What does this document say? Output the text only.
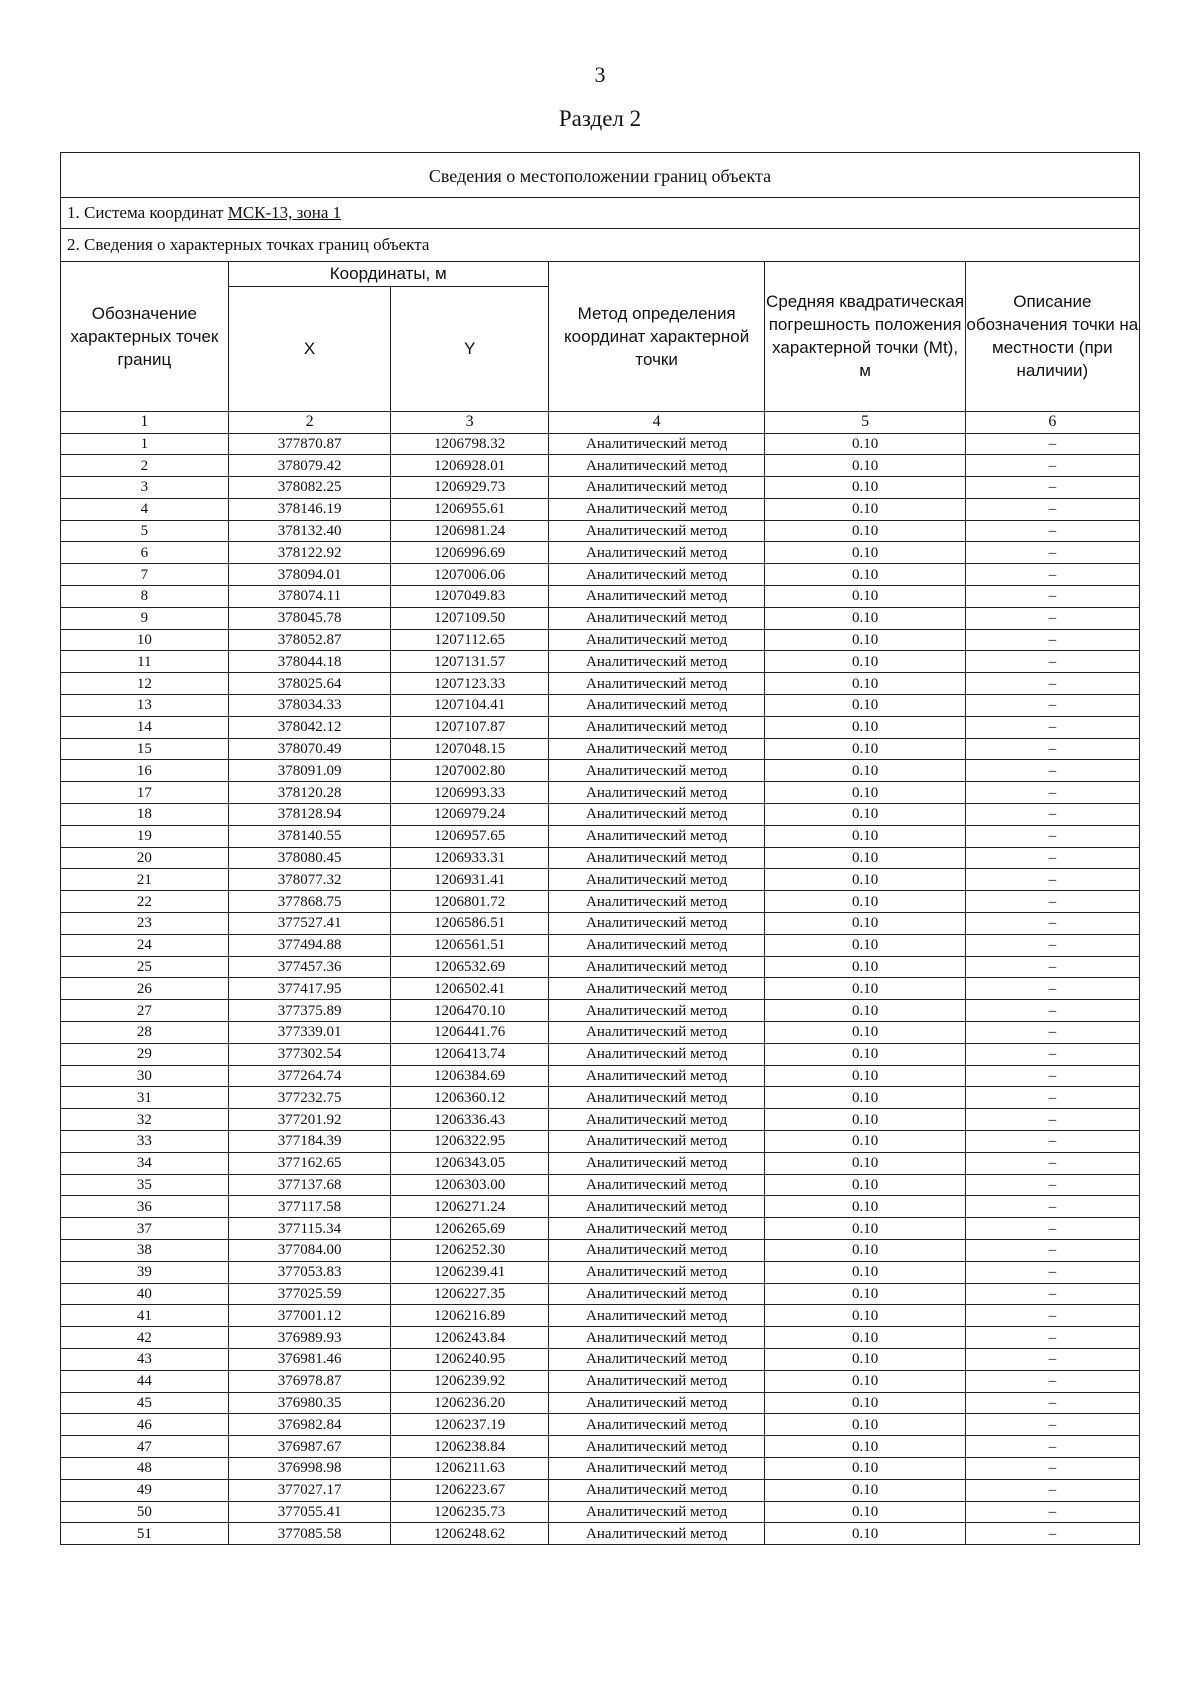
3
Раздел 2
Сведения о местоположении границ объекта
1. Система координат МСК-13, зона 1
2. Сведения о характерных точках границ объекта
Обозначение характерных точек границ	Координаты, м		Метод определения координат характерной точки	Средняя квадратическая погрешность положения характерной точки (Mt), м	Описание обозначения точки на местности (при наличии)
	X	Y			
1	2	3	4	5	6
1	377870.87	1206798.32	Аналитический метод	0.10	–
2	378079.42	1206928.01	Аналитический метод	0.10	–
3	378082.25	1206929.73	Аналитический метод	0.10	–
4	378146.19	1206955.61	Аналитический метод	0.10	–
5	378132.40	1206981.24	Аналитический метод	0.10	–
6	378122.92	1206996.69	Аналитический метод	0.10	–
7	378094.01	1207006.06	Аналитический метод	0.10	–
8	378074.11	1207049.83	Аналитический метод	0.10	–
9	378045.78	1207109.50	Аналитический метод	0.10	–
10	378052.87	1207112.65	Аналитический метод	0.10	–
11	378044.18	1207131.57	Аналитический метод	0.10	–
12	378025.64	1207123.33	Аналитический метод	0.10	–
13	378034.33	1207104.41	Аналитический метод	0.10	–
14	378042.12	1207107.87	Аналитический метод	0.10	–
15	378070.49	1207048.15	Аналитический метод	0.10	–
16	378091.09	1207002.80	Аналитический метод	0.10	–
17	378120.28	1206993.33	Аналитический метод	0.10	–
18	378128.94	1206979.24	Аналитический метод	0.10	–
19	378140.55	1206957.65	Аналитический метод	0.10	–
20	378080.45	1206933.31	Аналитический метод	0.10	–
21	378077.32	1206931.41	Аналитический метод	0.10	–
22	377868.75	1206801.72	Аналитический метод	0.10	–
23	377527.41	1206586.51	Аналитический метод	0.10	–
24	377494.88	1206561.51	Аналитический метод	0.10	–
25	377457.36	1206532.69	Аналитический метод	0.10	–
26	377417.95	1206502.41	Аналитический метод	0.10	–
27	377375.89	1206470.10	Аналитический метод	0.10	–
28	377339.01	1206441.76	Аналитический метод	0.10	–
29	377302.54	1206413.74	Аналитический метод	0.10	–
30	377264.74	1206384.69	Аналитический метод	0.10	–
31	377232.75	1206360.12	Аналитический метод	0.10	–
32	377201.92	1206336.43	Аналитический метод	0.10	–
33	377184.39	1206322.95	Аналитический метод	0.10	–
34	377162.65	1206343.05	Аналитический метод	0.10	–
35	377137.68	1206303.00	Аналитический метод	0.10	–
36	377117.58	1206271.24	Аналитический метод	0.10	–
37	377115.34	1206265.69	Аналитический метод	0.10	–
38	377084.00	1206252.30	Аналитический метод	0.10	–
39	377053.83	1206239.41	Аналитический метод	0.10	–
40	377025.59	1206227.35	Аналитический метод	0.10	–
41	377001.12	1206216.89	Аналитический метод	0.10	–
42	376989.93	1206243.84	Аналитический метод	0.10	–
43	376981.46	1206240.95	Аналитический метод	0.10	–
44	376978.87	1206239.92	Аналитический метод	0.10	–
45	376980.35	1206236.20	Аналитический метод	0.10	–
46	376982.84	1206237.19	Аналитический метод	0.10	–
47	376987.67	1206238.84	Аналитический метод	0.10	–
48	376998.98	1206211.63	Аналитический метод	0.10	–
49	377027.17	1206223.67	Аналитический метод	0.10	–
50	377055.41	1206235.73	Аналитический метод	0.10	–
51	377085.58	1206248.62	Аналитический метод	0.10	–
